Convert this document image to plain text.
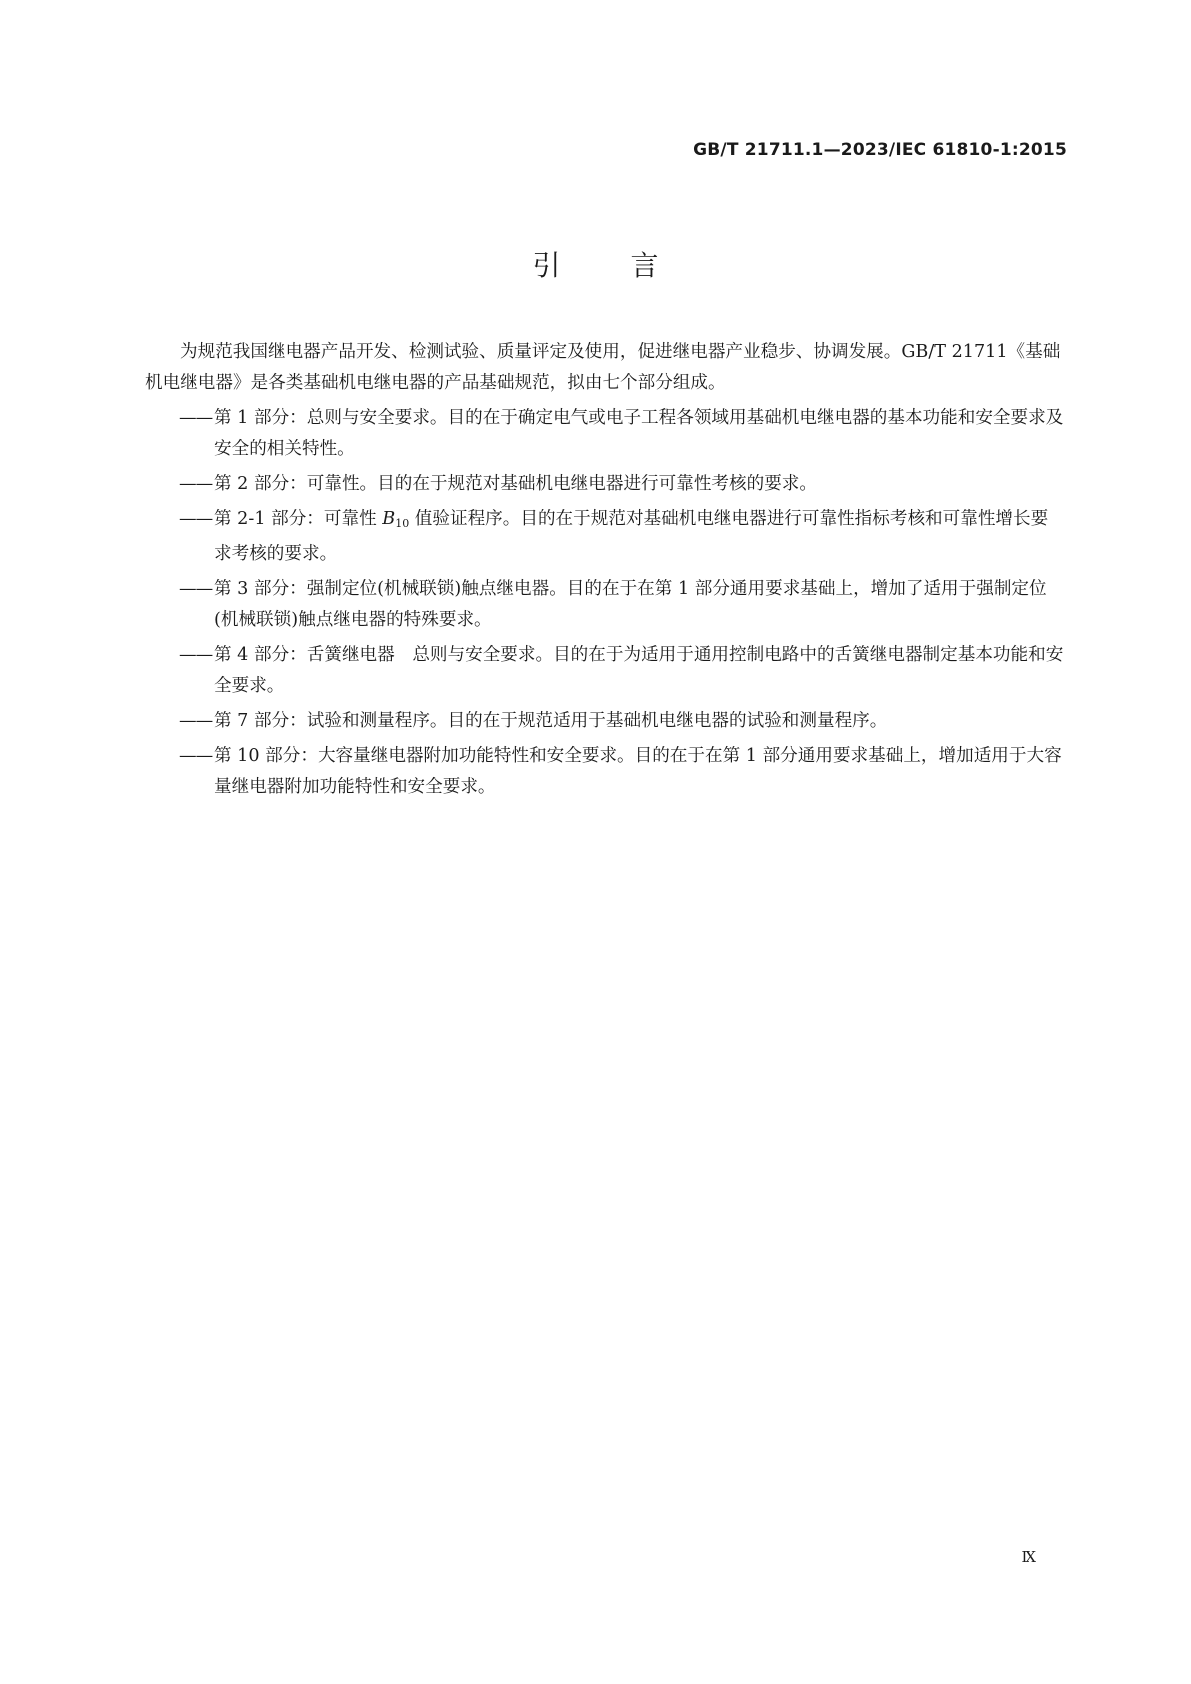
GB/T 21711.1—2023/IEC 61810-1:2015
引言

为规范我国继电器产品开发、检测试验、质量评定及使用，促进继电器产业稳步、协调发展。GB/T 21711《基础机电继电器》是各类基础机电继电器的产品基础规范，拟由七个部分组成。

—— 第 1 部分：总则与安全要求。目的在于确定电气或电子工程各领域用基础机电继电器的基本功能和安全要求及安全的相关特性。
—— 第 2 部分：可靠性。目的在于规范对基础机电继电器进行可靠性考核的要求。
—— 第 2-1 部分：可靠性 $B_{10}$ 值验证程序。目的在于规范对基础机电继电器进行可靠性指标考核和可靠性增长要求考核的要求。
—— 第 3 部分：强制定位(机械联锁)触点继电器。目的在于在第 1 部分通用要求基础上，增加了适用于强制定位(机械联锁)触点继电器的特殊要求。
—— 第 4 部分：舌簧继电器　总则与安全要求。目的在于为适用于通用控制电路中的舌簧继电器制定基本功能和安全要求。
—— 第 7 部分：试验和测量程序。目的在于规范适用于基础机电继电器的试验和测量程序。
—— 第 10 部分：大容量继电器附加功能特性和安全要求。目的在于在第 1 部分通用要求基础上，增加适用于大容量继电器附加功能特性和安全要求。
Ⅸ
